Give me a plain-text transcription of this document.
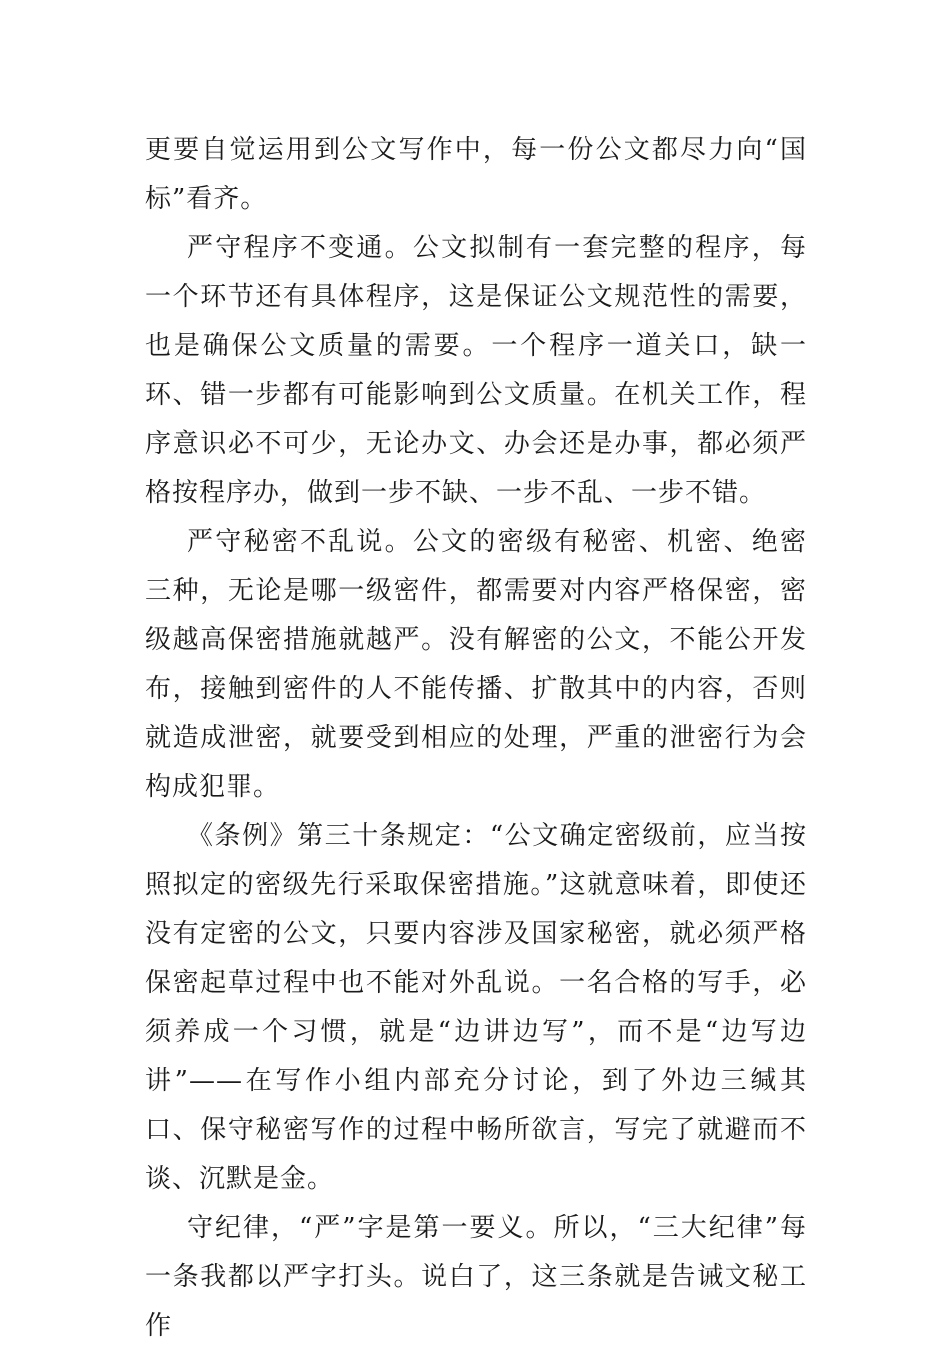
更要自觉运用到公文写作中，每一份公文都尽力向“国标”看齐。

严守程序不变通。公文拟制有一套完整的程序，每一个环节还有具体程序，这是保证公文规范性的需要，也是确保公文质量的需要。一个程序一道关口，缺一环、错一步都有可能影响到公文质量。在机关工作，程序意识必不可少，无论办文、办会还是办事，都必须严格按程序办，做到一步不缺、一步不乱、一步不错。

严守秘密不乱说。公文的密级有秘密、机密、绝密三种，无论是哪一级密件，都需要对内容严格保密，密级越高保密措施就越严。没有解密的公文，不能公开发布，接触到密件的人不能传播、扩散其中的内容，否则就造成泄密，就要受到相应的处理，严重的泄密行为会构成犯罪。

《条例》第三十条规定：“公文确定密级前，应当按照拟定的密级先行采取保密措施。”这就意味着，即使还没有定密的公文，只要内容涉及国家秘密，就必须严格保密起草过程中也不能对外乱说。一名合格的写手，必须养成一个习惯，就是“边讲边写”，而不是“边写边讲”——在写作小组内部充分讨论，到了外边三缄其口、保守秘密写作的过程中畅所欲言，写完了就避而不谈、沉默是金。

守纪律，“严”字是第一要义。所以，“三大纪律”每一条我都以严字打头。说白了，这三条就是告诫文秘工作
